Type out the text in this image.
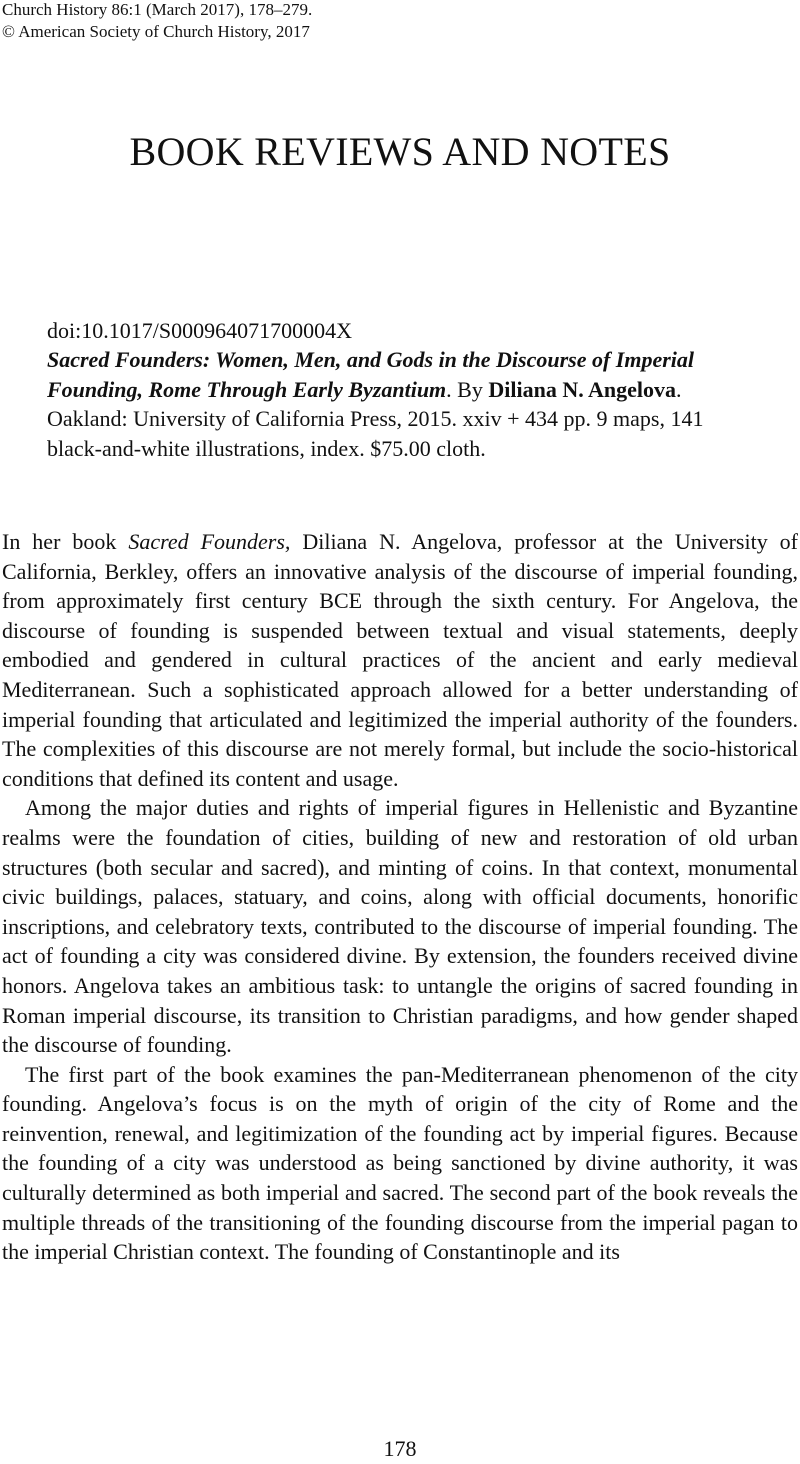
Church History 86:1 (March 2017), 178–279.
© American Society of Church History, 2017
BOOK REVIEWS AND NOTES
doi:10.1017/S000964071700004X
Sacred Founders: Women, Men, and Gods in the Discourse of Imperial Founding, Rome Through Early Byzantium. By Diliana N. Angelova. Oakland: University of California Press, 2015. xxiv + 434 pp. 9 maps, 141 black-and-white illustrations, index. $75.00 cloth.

In her book Sacred Founders, Diliana N. Angelova, professor at the University of California, Berkley, offers an innovative analysis of the discourse of imperial founding, from approximately first century BCE through the sixth century. For Angelova, the discourse of founding is suspended between textual and visual statements, deeply embodied and gendered in cultural practices of the ancient and early medieval Mediterranean. Such a sophisticated approach allowed for a better understanding of imperial founding that articulated and legitimized the imperial authority of the founders. The complexities of this discourse are not merely formal, but include the socio-historical conditions that defined its content and usage.

Among the major duties and rights of imperial figures in Hellenistic and Byzantine realms were the foundation of cities, building of new and restoration of old urban structures (both secular and sacred), and minting of coins. In that context, monumental civic buildings, palaces, statuary, and coins, along with official documents, honorific inscriptions, and celebratory texts, contributed to the discourse of imperial founding. The act of founding a city was considered divine. By extension, the founders received divine honors. Angelova takes an ambitious task: to untangle the origins of sacred founding in Roman imperial discourse, its transition to Christian paradigms, and how gender shaped the discourse of founding.

The first part of the book examines the pan-Mediterranean phenomenon of the city founding. Angelova’s focus is on the myth of origin of the city of Rome and the reinvention, renewal, and legitimization of the founding act by imperial figures. Because the founding of a city was understood as being sanctioned by divine authority, it was culturally determined as both imperial and sacred. The second part of the book reveals the multiple threads of the transitioning of the founding discourse from the imperial pagan to the imperial Christian context. The founding of Constantinople and its

178
